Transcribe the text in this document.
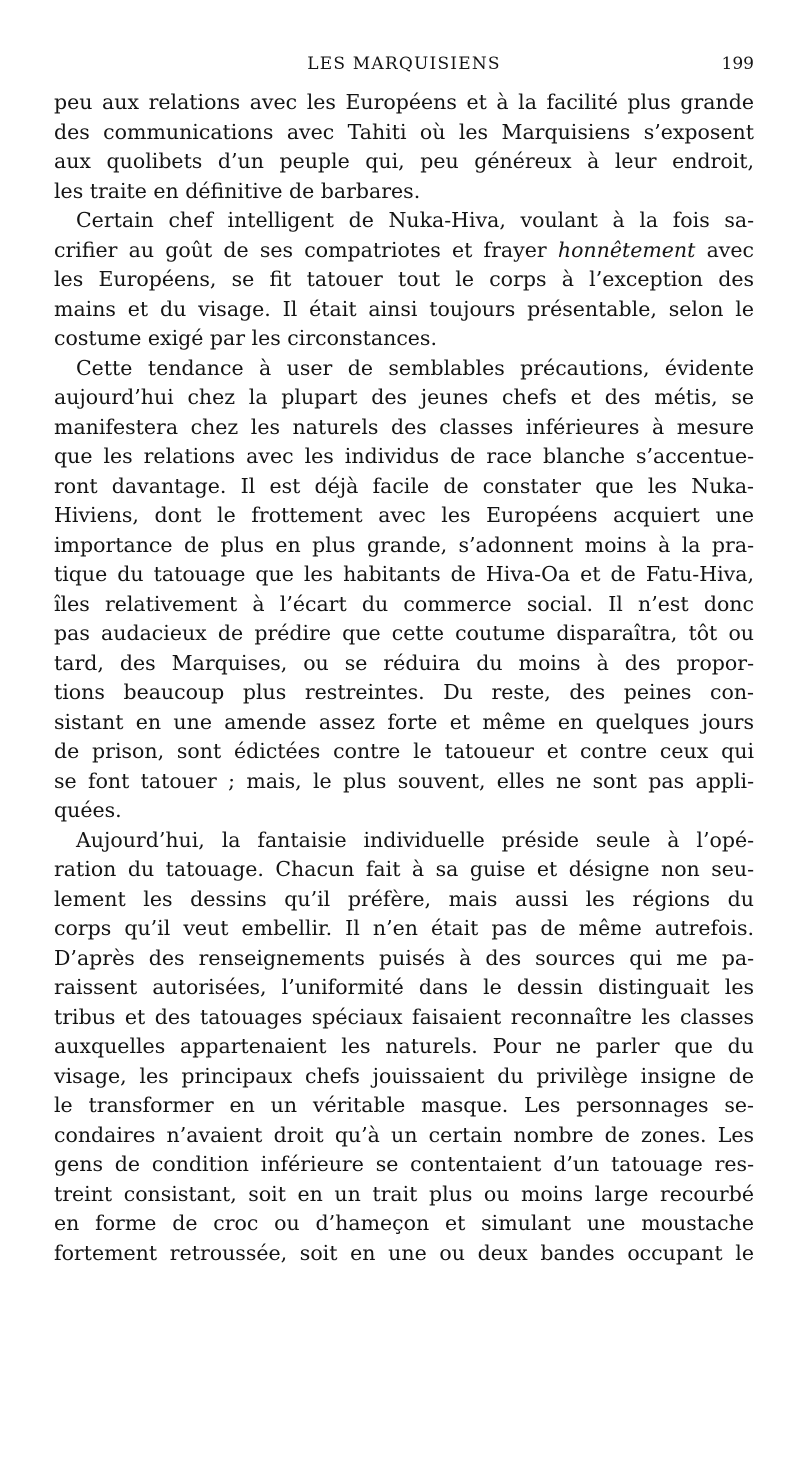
LES MARQUISIENS	199
peu aux relations avec les Européens et à la facilité plus grande
des communications avec Tahiti où les Marquisiens s’exposent
aux quolibets d’un peuple qui, peu généreux à leur endroit,
les traite en définitive de barbares.
Certain chef intelligent de Nuka-Hiva, voulant à la fois sa-
crifier au goût de ses compatriotes et frayer honnêtement avec
les Européens, se fit tatouer tout le corps à l’exception des
mains et du visage. Il était ainsi toujours présentable, selon le
costume exigé par les circonstances.
Cette tendance à user de semblables précautions, évidente
aujourd’hui chez la plupart des jeunes chefs et des métis, se
manifestera chez les naturels des classes inférieures à mesure
que les relations avec les individus de race blanche s’accentue-
ront davantage. Il est déjà facile de constater que les Nuka-
Hiviens, dont le frottement avec les Européens acquiert une
importance de plus en plus grande, s’adonnent moins à la pra-
tique du tatouage que les habitants de Hiva-Oa et de Fatu-Hiva,
îles relativement à l’écart du commerce social. Il n’est donc
pas audacieux de prédire que cette coutume disparaîtra, tôt ou
tard, des Marquises, ou se réduira du moins à des propor-
tions beaucoup plus restreintes. Du reste, des peines con-
sistant en une amende assez forte et même en quelques jours
de prison, sont édictées contre le tatoueur et contre ceux qui
se font tatouer ; mais, le plus souvent, elles ne sont pas appli-
quées.
Aujourd’hui, la fantaisie individuelle préside seule à l’opé-
ration du tatouage. Chacun fait à sa guise et désigne non seu-
lement les dessins qu’il préfère, mais aussi les régions du
corps qu’il veut embellir. Il n’en était pas de même autrefois.
D’après des renseignements puisés à des sources qui me pa-
raissent autorisées, l’uniformité dans le dessin distinguait les
tribus et des tatouages spéciaux faisaient reconnaître les classes
auxquelles appartenaient les naturels. Pour ne parler que du
visage, les principaux chefs jouissaient du privilège insigne de
le transformer en un véritable masque. Les personnages se-
condaires n’avaient droit qu’à un certain nombre de zones. Les
gens de condition inférieure se contentaient d’un tatouage res-
treint consistant, soit en un trait plus ou moins large recourbé
en forme de croc ou d’hameçon et simulant une moustache
fortement retroussée, soit en une ou deux bandes occupant le
